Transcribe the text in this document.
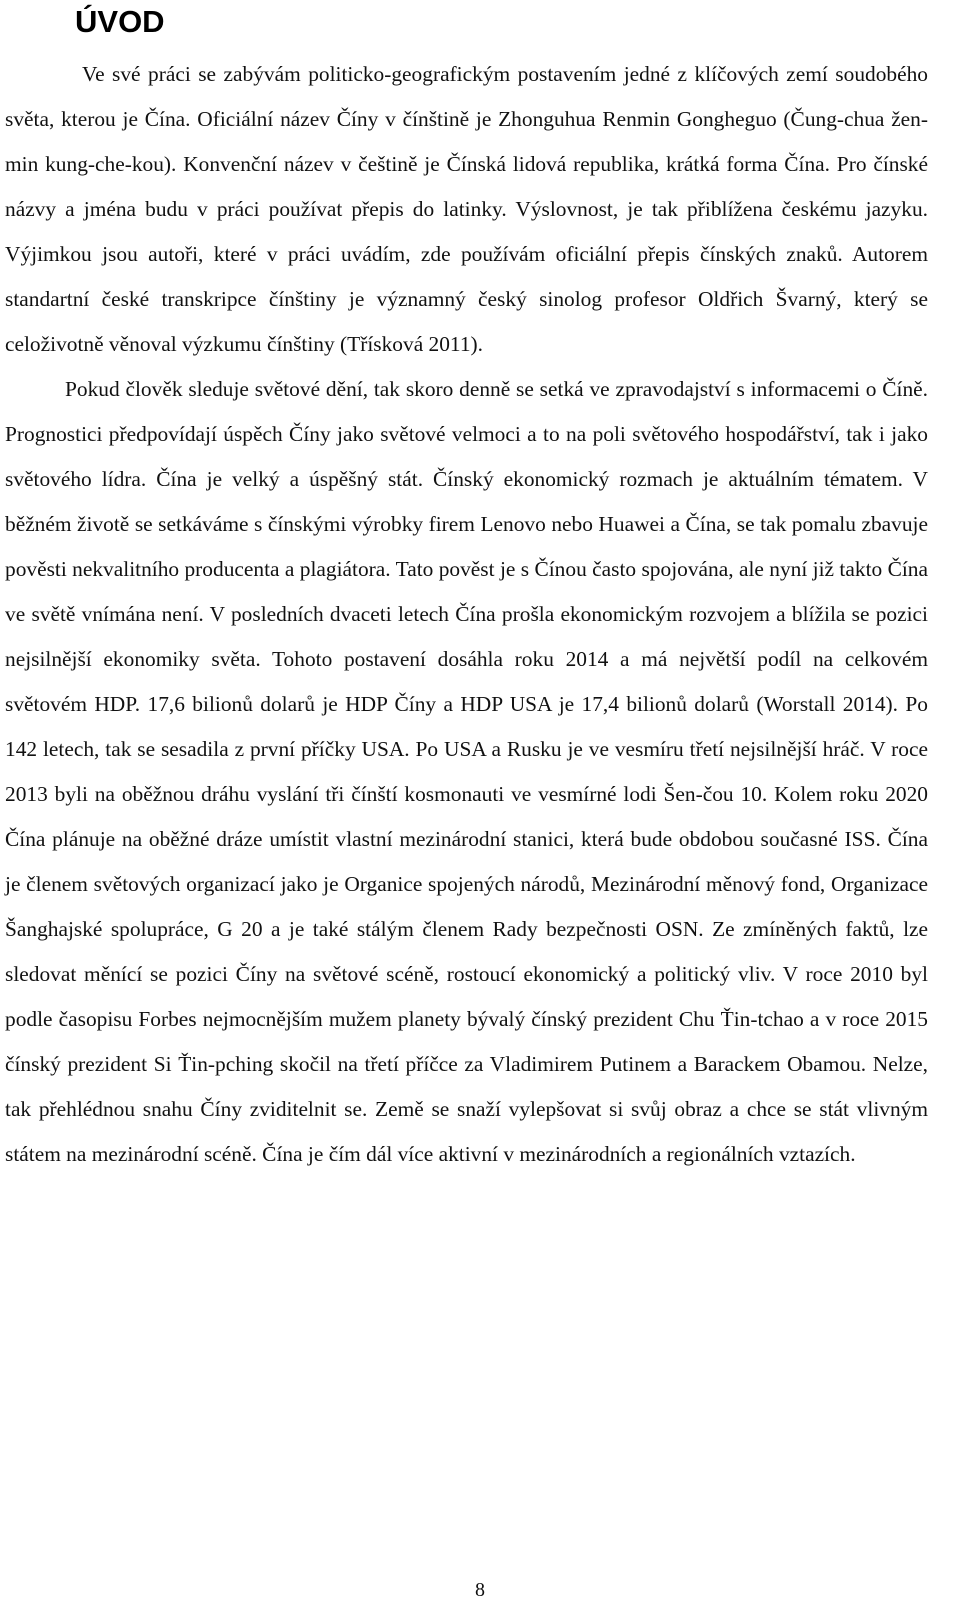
ÚVOD

Ve své práci se zabývám politicko-geografickým postavením jedné z klíčových zemí soudobého světa, kterou je Čína. Oficiální název Číny v čínštině je Zhonguhua Renmin Gongheguo (Čung-chua žen-min kung-che-kou). Konvenční název v češtině je Čínská lidová republika, krátká forma Čína. Pro čínské názvy a jména budu v práci používat přepis do latinky. Výslovnost, je tak přiblížena českému jazyku. Výjimkou jsou autoři, které v práci uvádím, zde používám oficiální přepis čínských znaků. Autorem standartní české transkripce čínštiny je významný český sinolog profesor Oldřich Švarný, který se celoživotně věnoval výzkumu čínštiny (Třísková 2011).

Pokud člověk sleduje světové dění, tak skoro denně se setká ve zpravodajství s informacemi o Číně. Prognostici předpovídají úspěch Číny jako světové velmoci a to na poli světového hospodářství, tak i jako světového lídra. Čína je velký a úspěšný stát. Čínský ekonomický rozmach je aktuálním tématem. V běžném životě se setkáváme s čínskými výrobky firem Lenovo nebo Huawei a Čína, se tak pomalu zbavuje pověsti nekvalitního producenta a plagiátora. Tato pověst je s Čínou často spojována, ale nyní již takto Čína ve světě vnímána není. V posledních dvaceti letech Čína prošla ekonomickým rozvojem a blížila se pozici nejsilnější ekonomiky světa. Tohoto postavení dosáhla roku 2014 a má největší podíl na celkovém světovém HDP. 17,6 bilionů dolarů je HDP Číny a HDP USA je 17,4 bilionů dolarů (Worstall 2014). Po 142 letech, tak se sesadila z první příčky USA. Po USA a Rusku je ve vesmíru třetí nejsilnější hráč. V roce 2013 byli na oběžnou dráhu vyslání tři čínští kosmonauti ve vesmírné lodi Šen-čou 10. Kolem roku 2020 Čína plánuje na oběžné dráze umístit vlastní mezinárodní stanici, která bude obdobou současné ISS. Čína je členem světových organizací jako je Organice spojených národů, Mezinárodní měnový fond, Organizace Šanghajské spolupráce, G 20 a je také stálým členem Rady bezpečnosti OSN. Ze zmíněných faktů, lze sledovat měnící se pozici Číny na světové scéně, rostoucí ekonomický a politický vliv. V roce 2010 byl podle časopisu Forbes nejmocnějším mužem planety bývalý čínský prezident Chu Ťin-tchao a v roce 2015 čínský prezident Si Ťin-pching skočil na třetí příčce za Vladimirem Putinem a Barackem Obamou. Nelze, tak přehlédnou snahu Číny zviditelnit se. Země se snaží vylepšovat si svůj obraz a chce se stát vlivným státem na mezinárodní scéně. Čína je čím dál více aktivní v mezinárodních a regionálních vztazích.

8
